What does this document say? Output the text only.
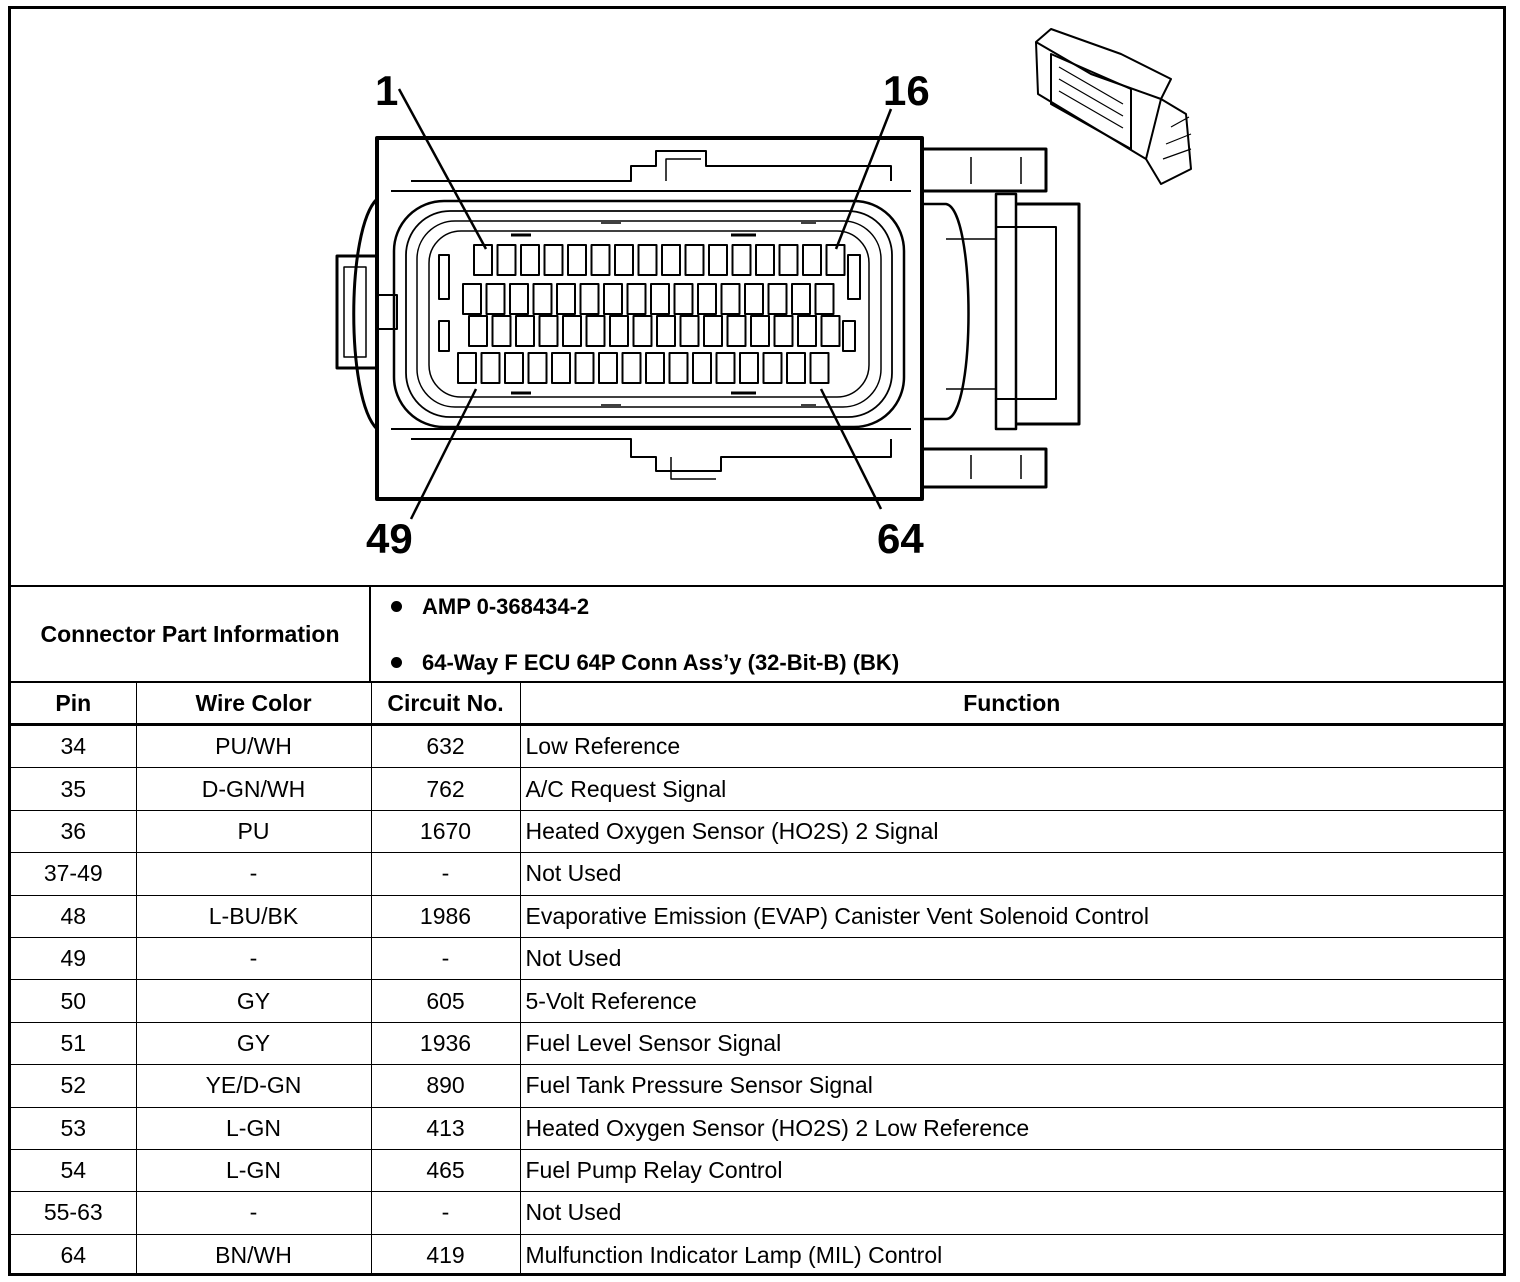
1	16
49	64
Connector Part Information
AMP 0-368434-2
64-Way F ECU 64P Conn Ass’y (32-Bit-B) (BK)
Pin	Wire Color	Circuit No.	Function
34	PU/WH	632	Low Reference
35	D-GN/WH	762	A/C Request Signal
36	PU	1670	Heated Oxygen Sensor (HO2S) 2 Signal
37-49	-	-	Not Used
48	L-BU/BK	1986	Evaporative Emission (EVAP) Canister Vent Solenoid Control
49	-	-	Not Used
50	GY	605	5-Volt Reference
51	GY	1936	Fuel Level Sensor Signal
52	YE/D-GN	890	Fuel Tank Pressure Sensor Signal
53	L-GN	413	Heated Oxygen Sensor (HO2S) 2 Low Reference
54	L-GN	465	Fuel Pump Relay Control
55-63	-	-	Not Used
64	BN/WH	419	Mulfunction Indicator Lamp (MIL) Control
